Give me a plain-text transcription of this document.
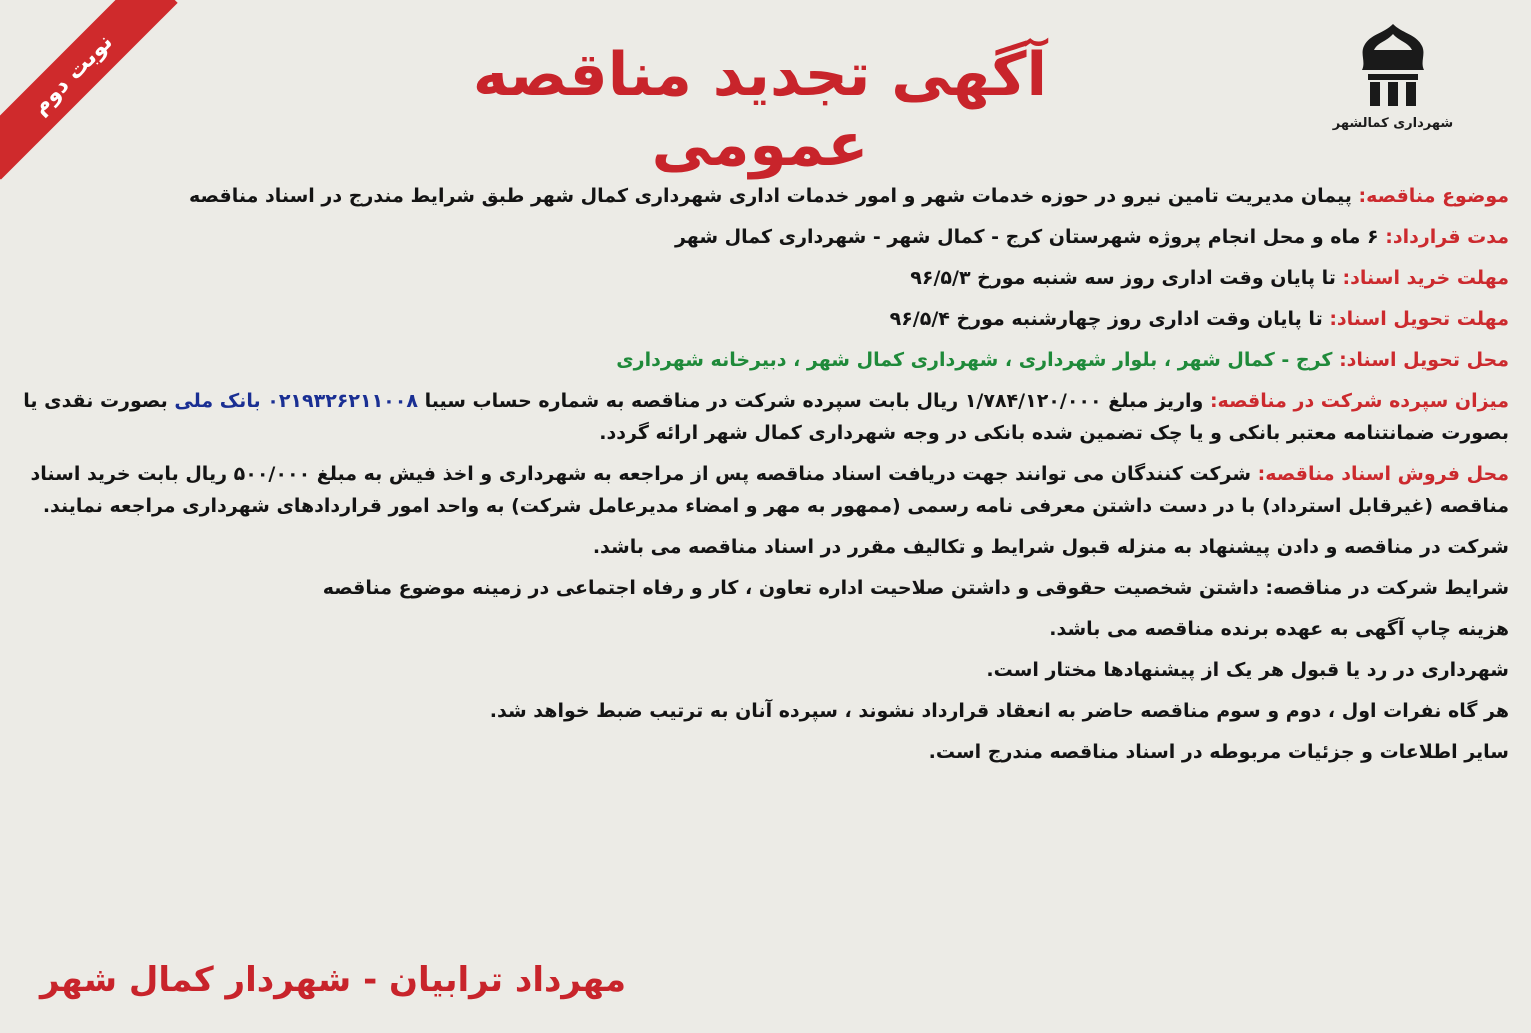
نوبت دوم	آگهی تجدید مناقصه عمومی	شهرداری کمالشهر

موضوع مناقصه: پیمان مدیریت تامین نیرو در حوزه خدمات شهر و امور خدمات اداری شهرداری کمال شهر طبق شرایط مندرج در اسناد مناقصه

مدت قرارداد: ۶ ماه و محل انجام پروژه شهرستان کرج - کمال شهر - شهرداری کمال شهر

مهلت خرید اسناد: تا پایان وقت اداری روز سه شنبه مورخ ۹۶/۵/۳

مهلت تحویل اسناد: تا پایان وقت اداری روز چهارشنبه مورخ ۹۶/۵/۴

محل تحویل اسناد: کرج - کمال شهر ، بلوار شهرداری ، شهرداری کمال شهر ، دبیرخانه شهرداری

میزان سپرده شرکت در مناقصه: واریز مبلغ ۱/۷۸۴/۱۲۰/۰۰۰ ریال بابت سپرده شرکت در مناقصه به شماره حساب سیبا ۰۲۱۹۳۲۶۲۱۱۰۰۸ بانک ملی بصورت نقدی یا بصورت ضمانتنامه معتبر بانکی و یا چک تضمین شده بانکی در وجه شهرداری کمال شهر ارائه گردد.

محل فروش اسناد مناقصه: شرکت کنندگان می توانند جهت دریافت اسناد مناقصه پس از مراجعه به شهرداری و اخذ فیش به مبلغ ۵۰۰/۰۰۰ ریال بابت خرید اسناد مناقصه (غیرقابل استرداد) با در دست داشتن معرفی نامه رسمی (ممهور به مهر و امضاء مدیرعامل شرکت) به واحد امور قراردادهای شهرداری مراجعه نمایند.

شرکت در مناقصه و دادن پیشنهاد به منزله قبول شرایط و تکالیف مقرر در اسناد مناقصه می باشد.

شرایط شرکت در مناقصه: داشتن شخصیت حقوقی و داشتن صلاحیت اداره تعاون ، کار و رفاه اجتماعی در زمینه موضوع مناقصه

هزینه چاپ آگهی به عهده برنده مناقصه می باشد.

شهرداری در رد یا قبول هر یک از پیشنهادها مختار است.

هر گاه نفرات اول ، دوم و سوم مناقصه حاضر به انعقاد قرارداد نشوند ، سپرده آنان به ترتیب ضبط خواهد شد.

سایر اطلاعات و جزئیات مربوطه در اسناد مناقصه مندرج است.

مهرداد ترابیان - شهردار کمال شهر
